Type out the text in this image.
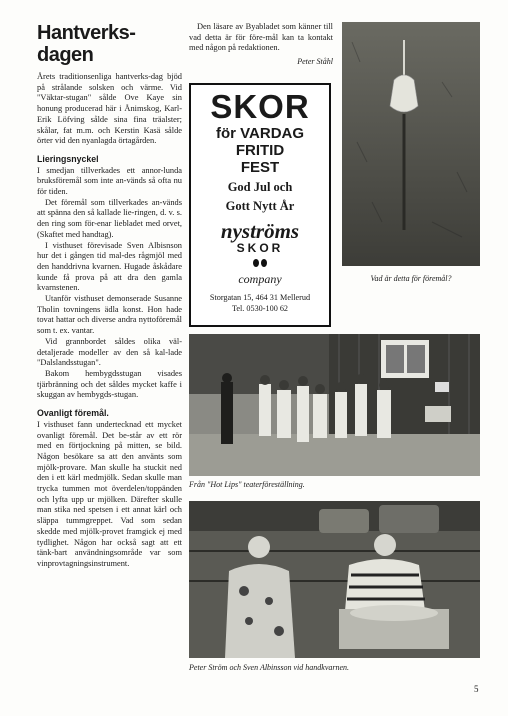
Hantverks-
dagen

Årets traditionsenliga hantverks-dag bjöd på strålande solsken och värme. Vid "Väktar-stugan" sålde Ove Kaye sin honung producerad här i Ånimskog, Karl-Erik Löfving sålde sina fina träalster; skålar, fat m.m. och Kerstin Kasä sålde örter vid den nyanlagda örtagården.

Lieringsnyckel

I smedjan tillverkades ett annor-lunda bruksföremål som inte an-vänds så ofta nu för tiden.

Det föremål som tillverkades an-vänds att spänna den så kallade lie-ringen, d. v. s. den ring som för-enar liebladet med orvet, (Skaftet med handtag).

I visthuset förevisade Sven Albisnson hur det i gången tid mal-des rågmjöl med den handdrivna kvarnen. Hugade åskådare kunde få prova på att dra den gamla kvarnstenen.

Utanför visthuset demonserade Susanne Tholin tovningens ädla konst. Hon hade tovat hattar och diverse andra nyttoföremål som t. ex. vantar.

Vid grannbordet såldes olika väl-detaljerade modeller av den så kal-lade "Dalslandsstugan".

Bakom hembygdsstugan visades tjärbränning och det såldes mycket kaffe i skuggan av hembygds-stugan.

Ovanligt föremål.

I visthuset fann undertecknad ett mycket ovanligt föremål. Det be-står av ett rör med en förtjockning på mitten, se bild. Någon besökare sa att den använts som mjölk-provare. Man skulle ha stuckit ned den i ett kärl medmjölk. Sedan skulle man trycka tummen mot överdelen/toppänden och lyfta upp ur mjölken. Därefter skulle man stika ned spetsen i ett annat kärl och släppa tummgreppet. Vad som sedan skedde med mjölk-provet framgick ej med tydlighet. Någon har också sagt att ett tänk-bart användningsområde var som vinprovtagningsinstrument.

Den läsare av Byabladet som känner till vad detta är för före-mål kan ta kontakt med någon på redaktionen.

Peter Ståhl
SKOR
för VARDAG
FRITID
FEST
God Jul och
Gott Nytt År
nyströms
SKOR
company
Storgatan 15, 464 31 Mellerud
Tel. 0530-100 62
Vad är detta för föremål?
Från "Hot Lips" teaterföreställning.
Peter Ström och Sven Albinsson vid handkvarnen.
5
